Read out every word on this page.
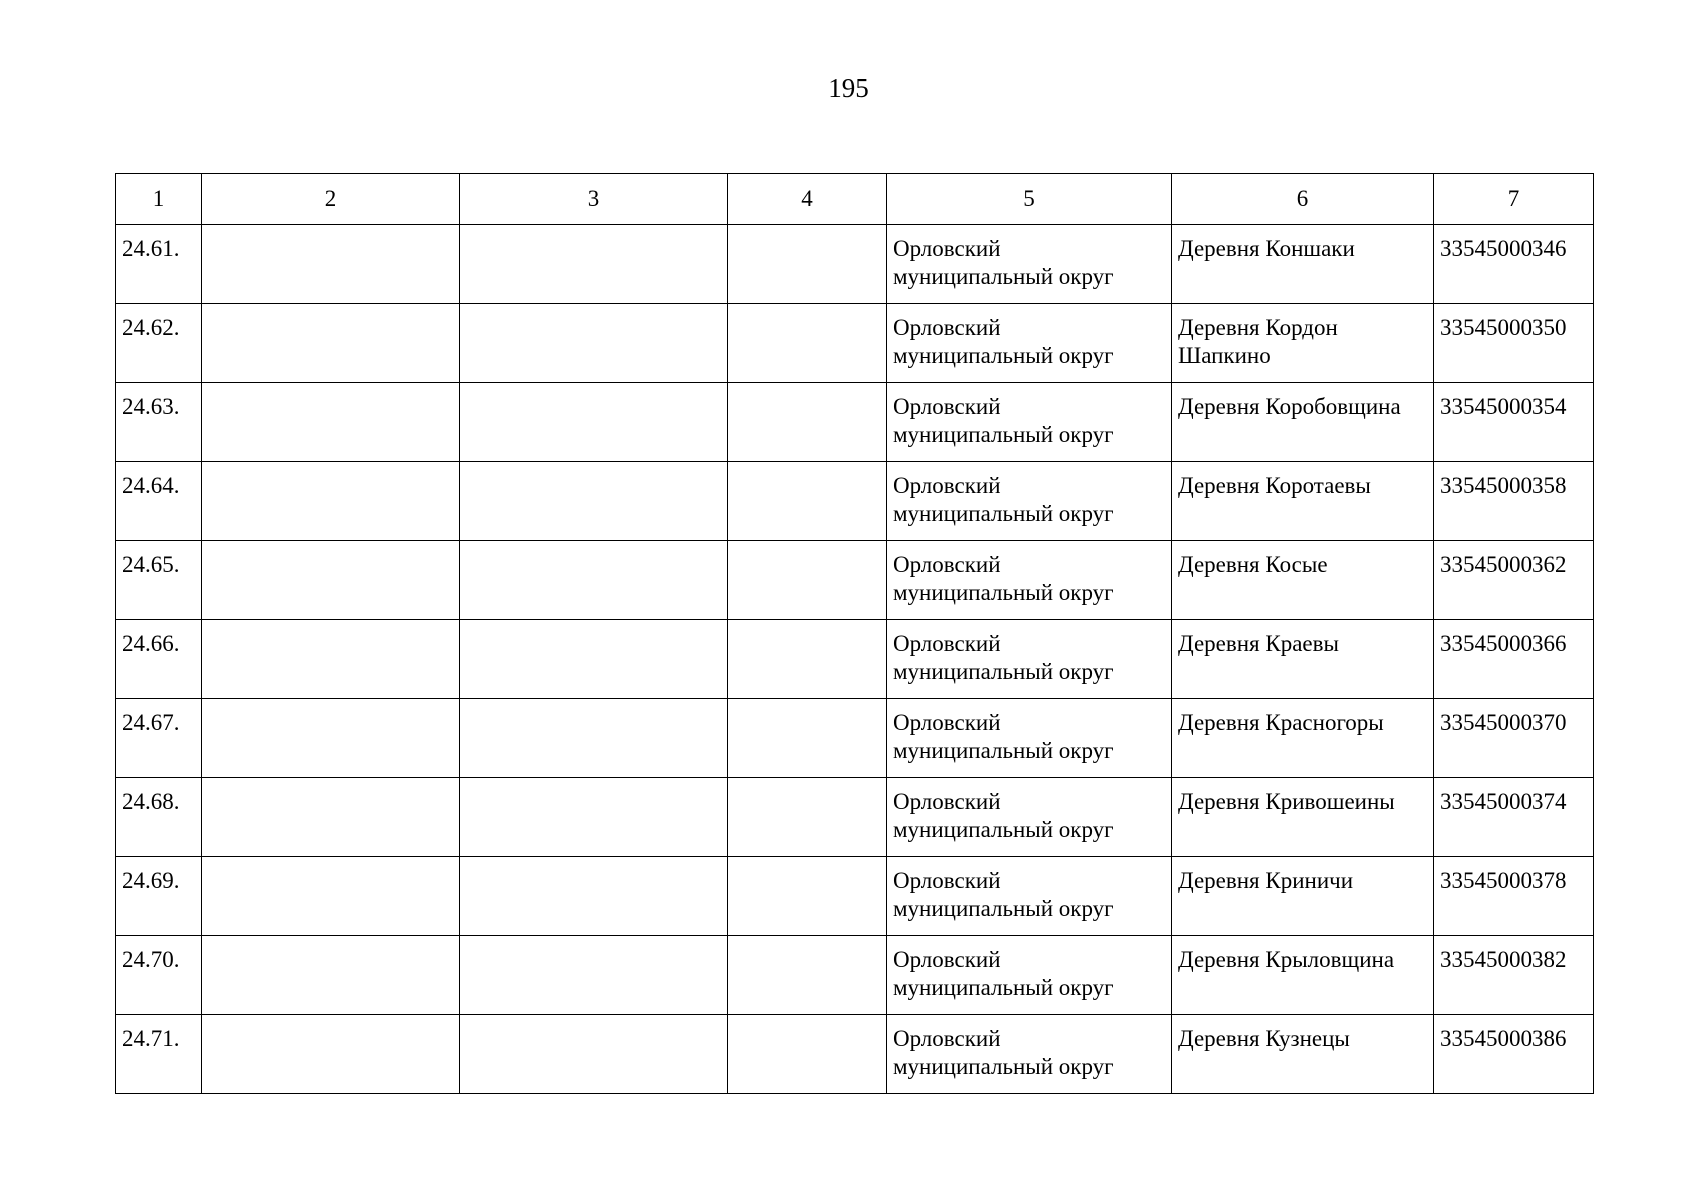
195
1	2	3	4	5	6	7
24.61.				Орловский муниципальный округ	Деревня Коншаки	33545000346
24.62.				Орловский муниципальный округ	Деревня Кордон Шапкино	33545000350
24.63.				Орловский муниципальный округ	Деревня Коробовщина	33545000354
24.64.				Орловский муниципальный округ	Деревня Коротаевы	33545000358
24.65.				Орловский муниципальный округ	Деревня Косые	33545000362
24.66.				Орловский муниципальный округ	Деревня Краевы	33545000366
24.67.				Орловский муниципальный округ	Деревня Красногоры	33545000370
24.68.				Орловский муниципальный округ	Деревня Кривошеины	33545000374
24.69.				Орловский муниципальный округ	Деревня Криничи	33545000378
24.70.				Орловский муниципальный округ	Деревня Крыловщина	33545000382
24.71.				Орловский муниципальный округ	Деревня Кузнецы	33545000386
